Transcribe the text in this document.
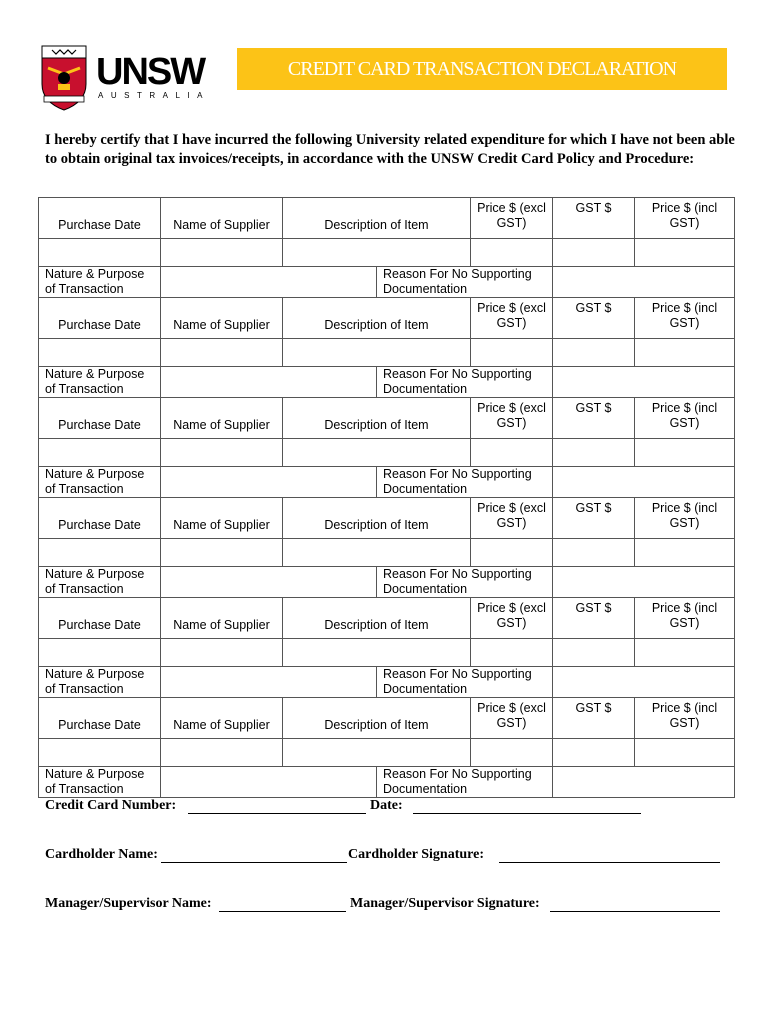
UNSW
AUSTRALIA
CREDIT CARD TRANSACTION DECLARATION
I hereby certify that I have incurred the following University related expenditure for which I have not been able to obtain original tax invoices/receipts, in accordance with the UNSW Credit Card Policy and Procedure:
Purchase Date	Name of Supplier	Description of Item		Price $ (excl GST)	GST $	Price $ (incl GST)

Nature & Purpose of Transaction			Reason For No Supporting Documentation			
Purchase Date	Name of Supplier	Description of Item		Price $ (excl GST)	GST $	Price $ (incl GST)

Nature & Purpose of Transaction			Reason For No Supporting Documentation			
Purchase Date	Name of Supplier	Description of Item		Price $ (excl GST)	GST $	Price $ (incl GST)

Nature & Purpose of Transaction			Reason For No Supporting Documentation			
Purchase Date	Name of Supplier	Description of Item		Price $ (excl GST)	GST $	Price $ (incl GST)

Nature & Purpose of Transaction			Reason For No Supporting Documentation			
Purchase Date	Name of Supplier	Description of Item		Price $ (excl GST)	GST $	Price $ (incl GST)

Nature & Purpose of Transaction			Reason For No Supporting Documentation			
Purchase Date	Name of Supplier	Description of Item		Price $ (excl GST)	GST $	Price $ (incl GST)

Nature & Purpose of Transaction			Reason For No Supporting Documentation			
Credit Card Number:	Date:
Cardholder Name:	Cardholder Signature:
Manager/Supervisor Name:	Manager/Supervisor Signature:
